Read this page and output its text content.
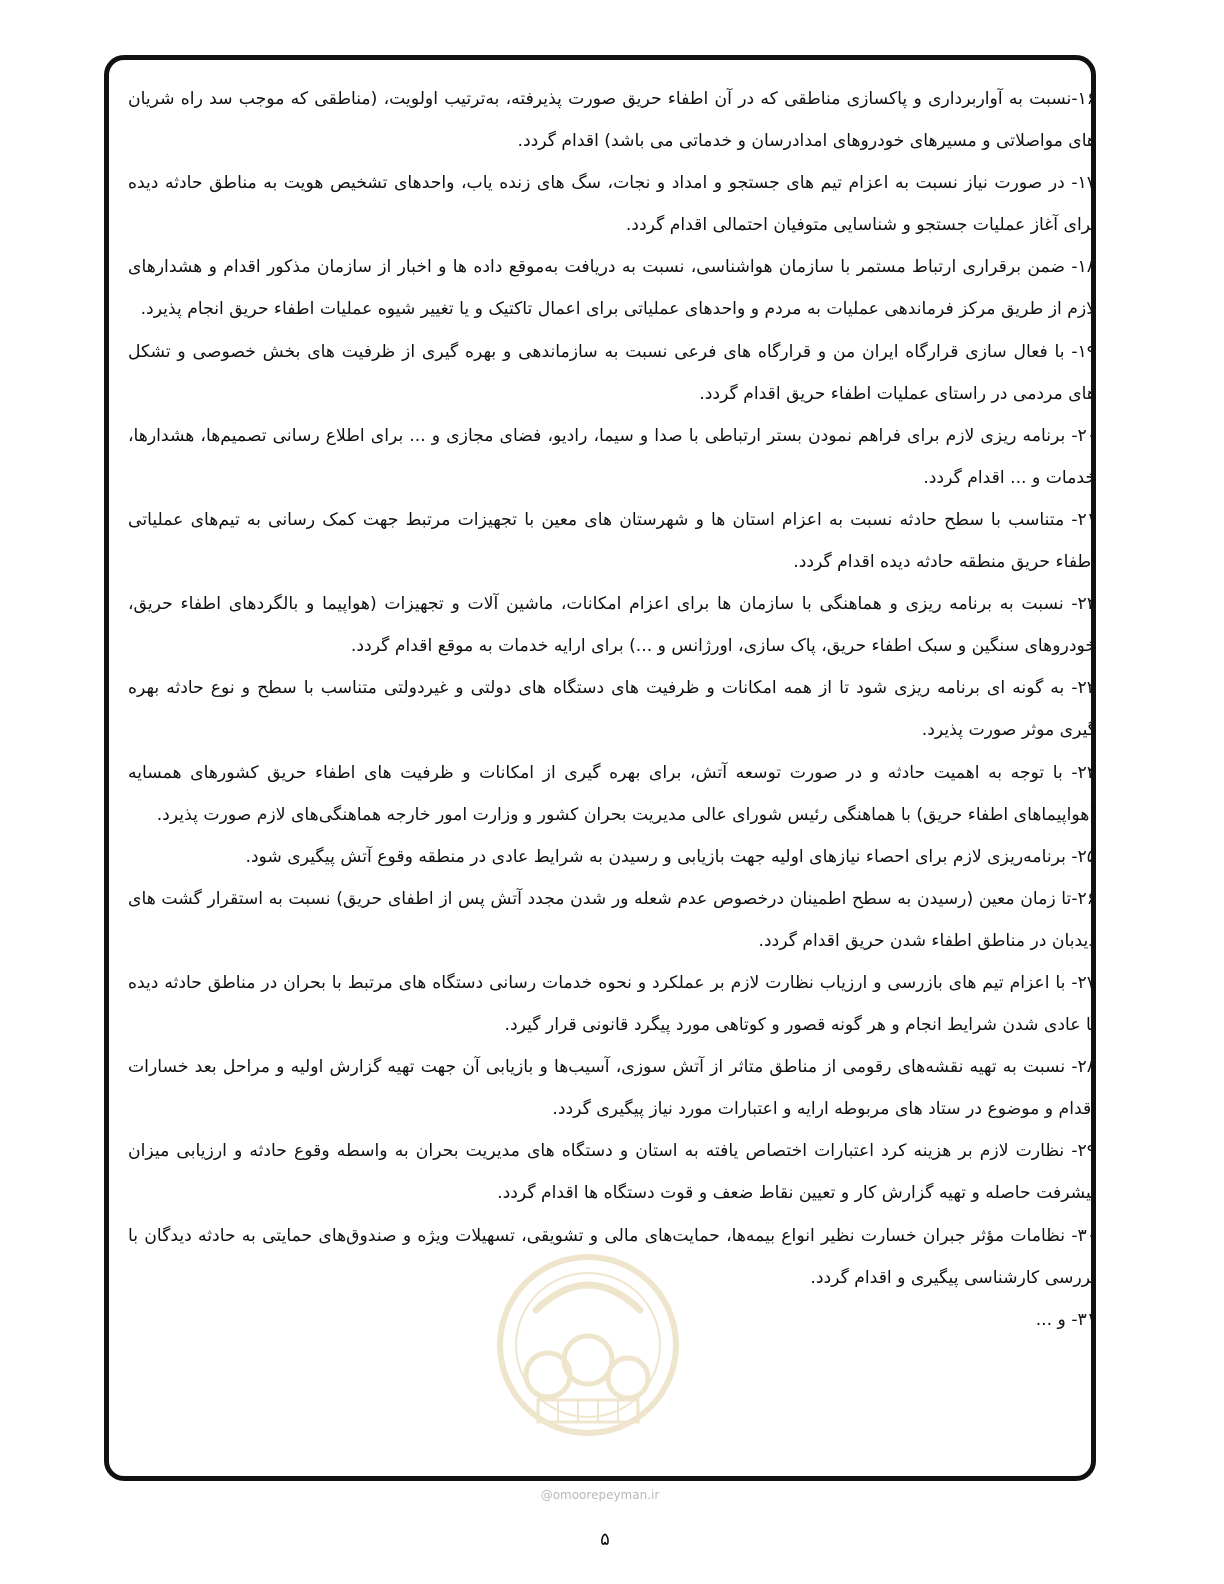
۱۶-نسبت به آواربرداری و پاکسازی مناطقی که در آن اطفاء حریق صورت پذیرفته، به‌ترتیب اولویت، (مناطقی که موجب سد راه شریان های مواصلاتی و مسیرهای خودروهای امدادرسان و خدماتی می باشد) اقدام گردد.

۱۷- در صورت نیاز نسبت به اعزام تیم های جستجو و امداد و نجات، سگ های زنده یاب، واحدهای تشخیص هویت به مناطق حادثه دیده برای آغاز عملیات جستجو و شناسایی متوفیان احتمالی اقدام گردد.

۱۸- ضمن برقراری ارتباط مستمر با سازمان هواشناسی، نسبت به دریافت به‌موقع داده ها و اخبار از سازمان مذکور اقدام و هشدارهای لازم از طریق مرکز فرماندهی عملیات به مردم و واحدهای عملیاتی برای اعمال تاکتیک و یا تغییر شیوه عملیات اطفاء حریق انجام پذیرد.

۱۹- با فعال سازی قرارگاه ایران من و قرارگاه های فرعی نسبت به سازماندهی و بهره گیری از ظرفیت های بخش خصوصی و تشکل های مردمی در راستای عملیات اطفاء حریق اقدام گردد.

۲۰- برنامه ریزی لازم برای فراهم نمودن بستر ارتباطی با صدا و سیما، رادیو، فضای مجازی و ... برای اطلاع رسانی تصمیم‌ها، هشدارها، خدمات و ... اقدام گردد.

۲۱- متناسب با سطح حادثه نسبت به اعزام استان ها و شهرستان های معین با تجهیزات مرتبط جهت کمک رسانی به تیم‌های عملیاتی اطفاء حریق منطقه حادثه دیده اقدام گردد.

۲۲- نسبت به برنامه ریزی و هماهنگی با سازمان ها برای اعزام امکانات، ماشین آلات و تجهیزات (هواپیما و بالگردهای اطفاء حریق، خودروهای سنگین و سبک اطفاء حریق، پاک سازی، اورژانس و ...) برای ارایه خدمات به موقع اقدام گردد.

۲۳- به گونه ای برنامه ریزی شود تا از همه امکانات و ظرفیت های دستگاه های دولتی و غیردولتی متناسب با سطح و نوع حادثه بهره گیری موثر صورت پذیرد.

۲۴- با توجه به اهمیت حادثه و در صورت توسعه آتش، برای بهره گیری از امکانات و ظرفیت های اطفاء حریق کشورهای همسایه (هواپیماهای اطفاء حریق) با هماهنگی رئیس شورای عالی مدیریت بحران کشور و وزارت امور خارجه هماهنگی‌های لازم صورت پذیرد.

۲۵- برنامه‌ریزی لازم برای احصاء نیازهای اولیه جهت بازیابی و رسیدن به شرایط عادی در منطقه وقوع آتش پیگیری شود.

۲۶-تا زمان معین (رسیدن به سطح اطمینان درخصوص عدم شعله ور شدن مجدد آتش پس از اطفای حریق) نسبت به استقرار گشت های دیدبان در مناطق اطفاء شدن حریق اقدام گردد.

۲۷- با اعزام تیم های بازرسی و ارزیاب نظارت لازم بر عملکرد و نحوه خدمات رسانی دستگاه های مرتبط با بحران در مناطق حادثه دیده تا عادی شدن شرایط انجام و هر گونه قصور و کوتاهی مورد پیگرد قانونی قرار گیرد.

۲۸- نسبت به تهیه نقشه‌های رقومی از مناطق متاثر از آتش سوزی، آسیب‌ها و بازیابی آن جهت تهیه گزارش اولیه و مراحل بعد خسارات اقدام و موضوع در ستاد های مربوطه ارایه و اعتبارات مورد نیاز پیگیری گردد.

۲۹- نظارت لازم بر هزینه کرد اعتبارات اختصاص یافته به استان و دستگاه های مدیریت بحران به واسطه وقوع حادثه و ارزیابی میزان پیشرفت حاصله و تهیه گزارش کار و تعیین نقاط ضعف و قوت دستگاه ها اقدام گردد.

۳۰- نظامات مؤثر جبران خسارت نظیر انواع بیمه‌ها، حمایت‌های مالی و تشویقی، تسهیلات ویژه و صندوق‌های حمایتی به حادثه دیدگان با بررسی کارشناسی پیگیری و اقدام گردد.

۳۱- و ...

@omoorepeyman.ir
۵
